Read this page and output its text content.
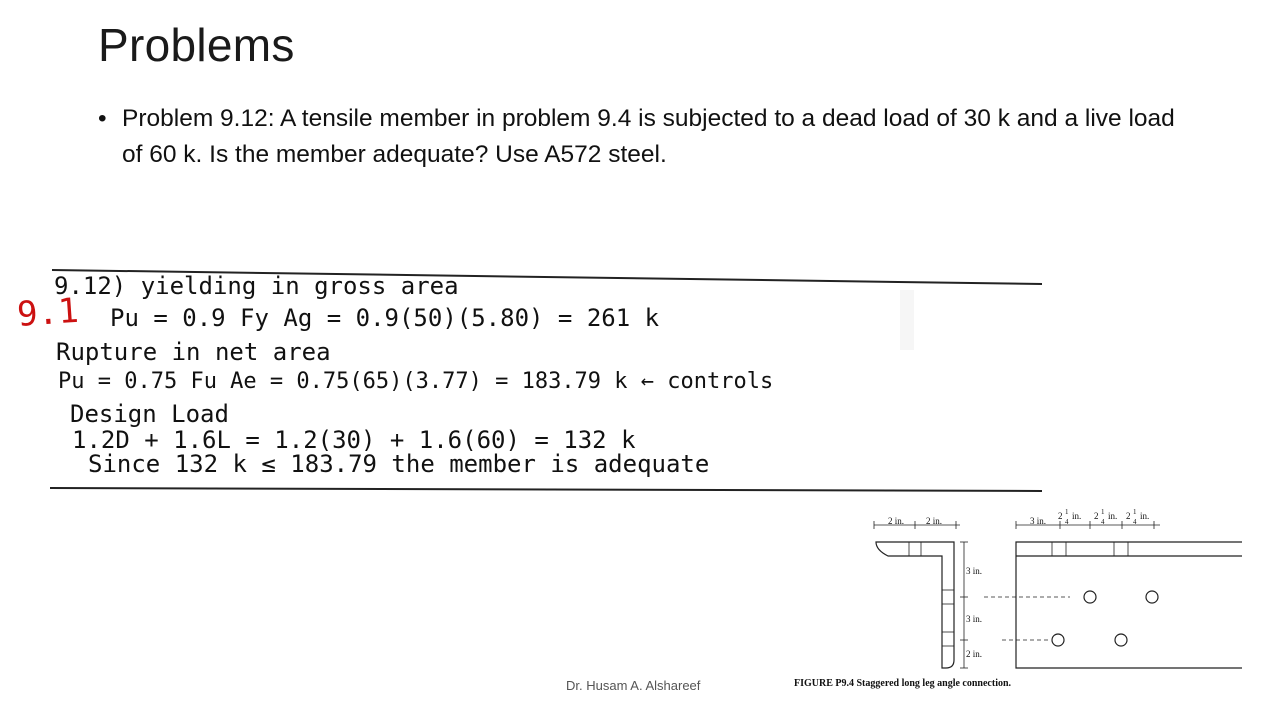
Problems
• Problem 9.12: A tensile member in problem 9.4 is subjected to a dead load of 30 k and a live load of 60 k. Is the member adequate? Use A572 steel.
9.1
9.12) yielding in gross area
Pu = 0.9 Fy Ag = 0.9(50)(5.80) = 261 k
Rupture in net area
Pu = 0.75 Fu Ae = 0.75(65)(3.77) = 183.79 k ← controls
Design Load
1.2D + 1.6L = 1.2(30) + 1.6(60) = 132 k
Since 132 k ≤ 183.79 the member is adequate
2 in. 2 in.
3 in.
3 in.
2 in.
3 in. 2 1
4
in. 2 1
4
in. 2 1
4
in.
FIGURE P9.4 Staggered long leg angle connection.
Dr. Husam A. Alshareef
